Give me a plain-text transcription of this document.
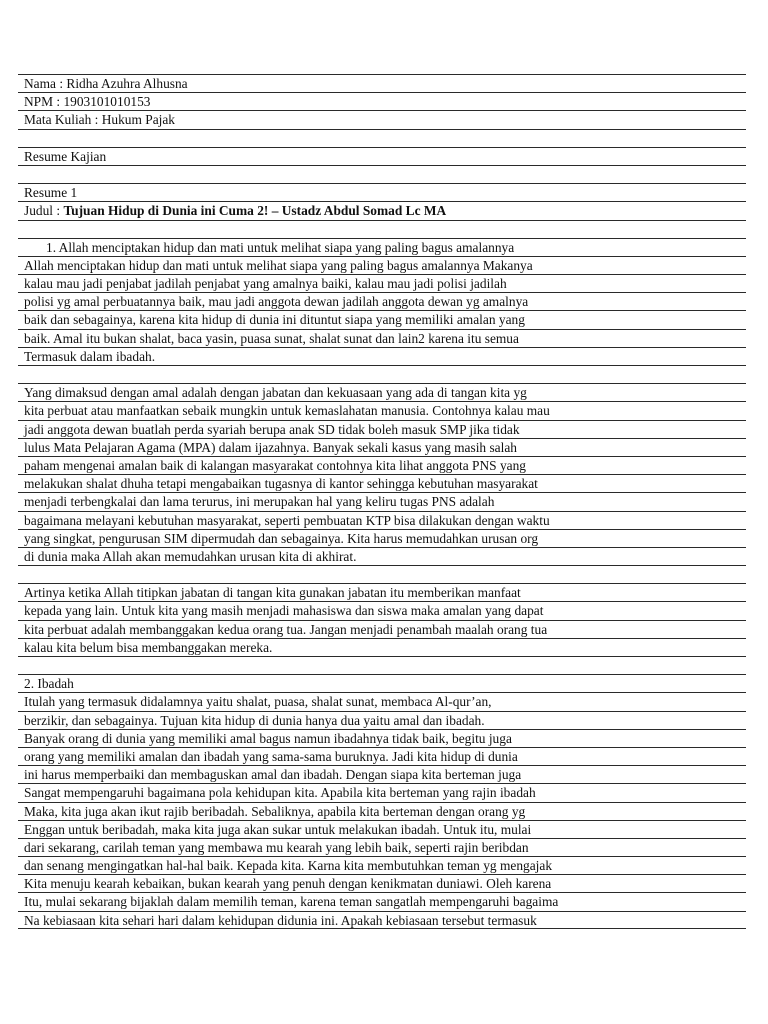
Nama : Ridha Azuhra Alhusna
NPM : 1903101010153
Mata Kuliah : Hukum Pajak
Resume Kajian
Resume 1
Judul : Tujuan Hidup di Dunia ini Cuma 2! – Ustadz Abdul Somad Lc MA
1. Allah menciptakan hidup dan mati untuk melihat siapa yang paling bagus amalannya
Allah menciptakan hidup dan mati untuk melihat siapa yang paling bagus amalannya Makanya
kalau mau jadi penjabat jadilah penjabat yang amalnya baiki, kalau mau jadi polisi jadilah
polisi yg amal perbuatannya baik, mau jadi anggota dewan jadilah anggota dewan yg amalnya
baik dan sebagainya, karena kita hidup di dunia ini dituntut siapa yang memiliki amalan yang
baik. Amal itu bukan shalat, baca yasin, puasa sunat, shalat sunat dan lain2 karena itu semua
Termasuk dalam ibadah.
Yang dimaksud dengan amal adalah dengan jabatan dan kekuasaan yang ada di tangan kita yg
kita perbuat atau manfaatkan sebaik mungkin untuk kemaslahatan manusia. Contohnya kalau mau
jadi anggota dewan buatlah perda syariah berupa anak SD tidak boleh masuk SMP jika tidak
lulus Mata Pelajaran Agama (MPA) dalam ijazahnya. Banyak sekali kasus yang masih salah
paham mengenai amalan baik di kalangan masyarakat contohnya kita lihat anggota PNS yang
melakukan shalat dhuha tetapi mengabaikan tugasnya di kantor sehingga kebutuhan masyarakat
menjadi terbengkalai dan lama terurus, ini merupakan hal yang keliru tugas PNS adalah
bagaimana melayani kebutuhan masyarakat, seperti pembuatan KTP bisa dilakukan dengan waktu
yang singkat, pengurusan SIM dipermudah dan sebagainya. Kita harus memudahkan urusan org
di dunia maka Allah akan memudahkan urusan kita di akhirat.
Artinya ketika Allah titipkan jabatan di tangan kita gunakan jabatan itu memberikan manfaat
kepada yang lain. Untuk kita yang masih menjadi mahasiswa dan siswa maka amalan yang dapat
kita perbuat adalah membanggakan kedua orang tua. Jangan menjadi penambah maalah orang tua
kalau kita belum bisa membanggakan mereka.
2. Ibadah
Itulah yang termasuk didalamnya yaitu shalat, puasa, shalat sunat, membaca Al-qur’an,
berzikir, dan sebagainya. Tujuan kita hidup di dunia hanya dua yaitu amal dan ibadah.
Banyak orang di dunia yang memiliki amal bagus namun ibadahnya tidak baik, begitu juga
orang yang memiliki amalan dan ibadah yang sama-sama buruknya. Jadi kita hidup di dunia
ini harus memperbaiki dan membaguskan amal dan ibadah. Dengan siapa kita berteman juga
Sangat mempengaruhi bagaimana pola kehidupan kita. Apabila kita berteman yang rajin ibadah
Maka, kita juga akan ikut rajib beribadah. Sebaliknya, apabila kita berteman dengan orang yg
Enggan untuk beribadah, maka kita juga akan sukar untuk melakukan ibadah. Untuk itu, mulai
dari sekarang, carilah teman yang membawa mu kearah yang lebih baik, seperti rajin beribdan
dan senang mengingatkan hal-hal baik. Kepada kita. Karna kita membutuhkan teman yg mengajak
Kita menuju kearah kebaikan, bukan kearah yang penuh dengan kenikmatan duniawi. Oleh karena
Itu, mulai sekarang bijaklah dalam memilih teman, karena teman sangatlah mempengaruhi bagaima
Na kebiasaan kita sehari hari dalam kehidupan didunia ini. Apakah kebiasaan tersebut termasuk
